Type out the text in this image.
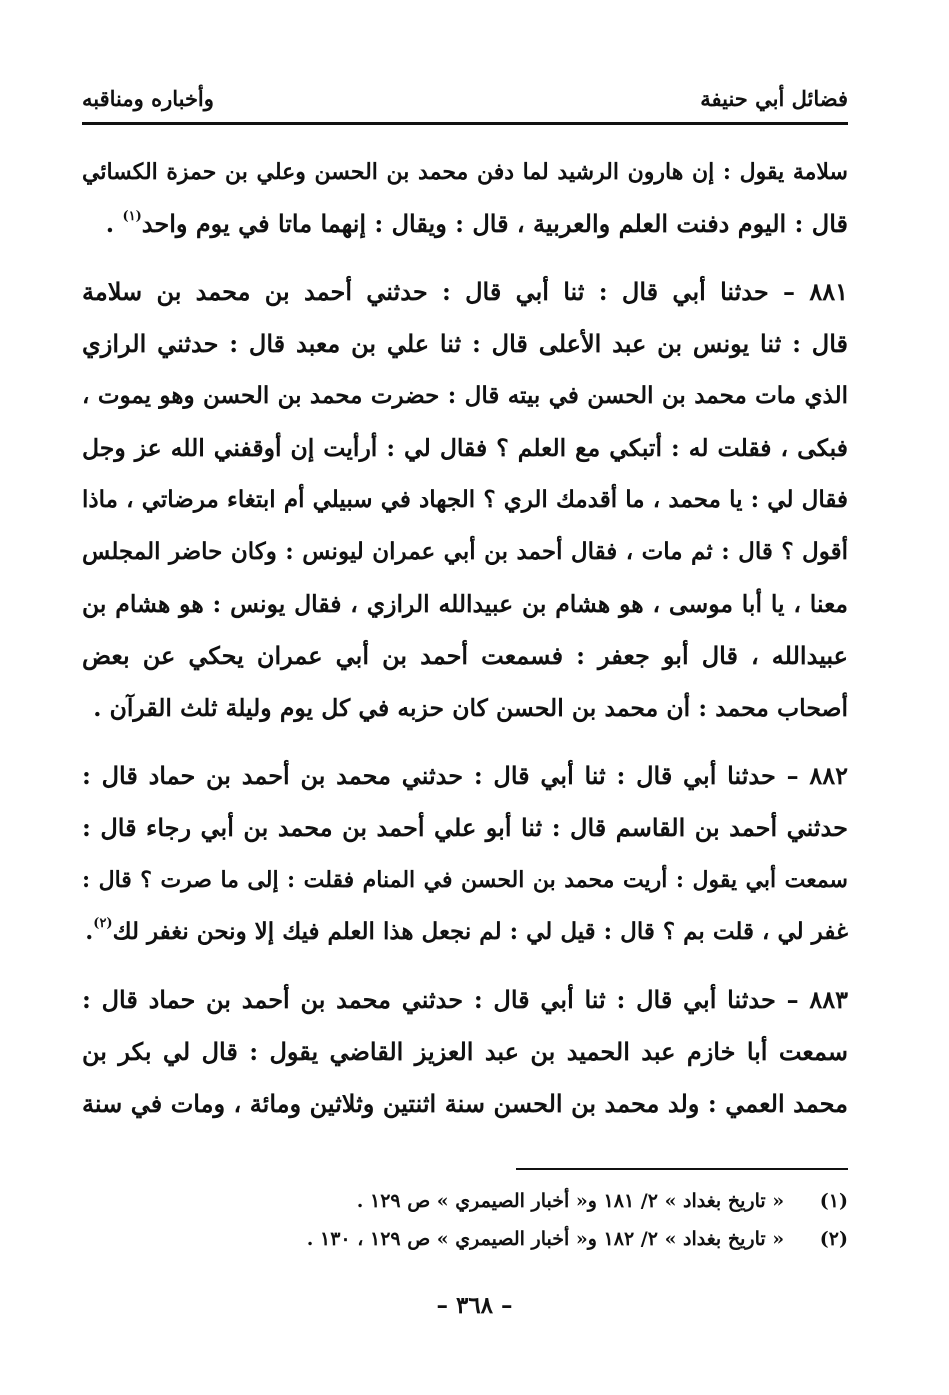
فضائل أبي حنيفة
وأخباره ومناقبه
سلامة يقول : إن هارون الرشيد لما دفن محمد بن الحسن وعلي بن حمزة الكسائي
قال : اليوم دفنت العلم والعربية ، قال : ويقال : إنهما ماتا في يوم واحد$^{(١)}$ .
٨٨١ – حدثنا أبي قال : ثنا أبي قال : حدثني أحمد بن محمد بن سلامة
قال : ثنا يونس بن عبد الأعلى قال : ثنا علي بن معبد قال : حدثني الرازي
الذي مات محمد بن الحسن في بيته قال : حضرت محمد بن الحسن وهو يموت ،
فبكى ، فقلت له : أتبكي مع العلم ؟ فقال لي : أرأيت إن أوقفني الله عز وجل
فقال لي : يا محمد ، ما أقدمك الري ؟ الجهاد في سبيلي أم ابتغاء مرضاتي ، ماذا
أقول ؟ قال : ثم مات ، فقال أحمد بن أبي عمران ليونس : وكان حاضر المجلس
معنا ، يا أبا موسى ، هو هشام بن عبيدالله الرازي ، فقال يونس : هو هشام بن
عبيدالله ، قال أبو جعفر : فسمعت أحمد بن أبي عمران يحكي عن بعض
أصحاب محمد : أن محمد بن الحسن كان حزبه في كل يوم وليلة ثلث القرآن .
٨٨٢ – حدثنا أبي قال : ثنا أبي قال : حدثني محمد بن أحمد بن حماد قال :
حدثني أحمد بن القاسم قال : ثنا أبو علي أحمد بن محمد بن أبي رجاء قال :
سمعت أبي يقول : أريت محمد بن الحسن في المنام فقلت : إلى ما صرت ؟ قال :
غفر لي ، قلت بم ؟ قال : قيل لي : لم نجعل هذا العلم فيك إلا ونحن نغفر لك$^{(٢)}$.
٨٨٣ – حدثنا أبي قال : ثنا أبي قال : حدثني محمد بن أحمد بن حماد قال :
سمعت أبا خازم عبد الحميد بن عبد العزيز القاضي يقول : قال لي بكر بن
محمد العمي : ولد محمد بن الحسن سنة اثنتين وثلاثين ومائة ، ومات في سنة
(١)   « تاريخ بغداد » ٢/ ١٨١ و« أخبار الصيمري » ص ١٢٩ .
(٢)   « تاريخ بغداد » ٢/ ١٨٢ و« أخبار الصيمري » ص ١٢٩ ، ١٣٠ .
– ٣٦٨ –
